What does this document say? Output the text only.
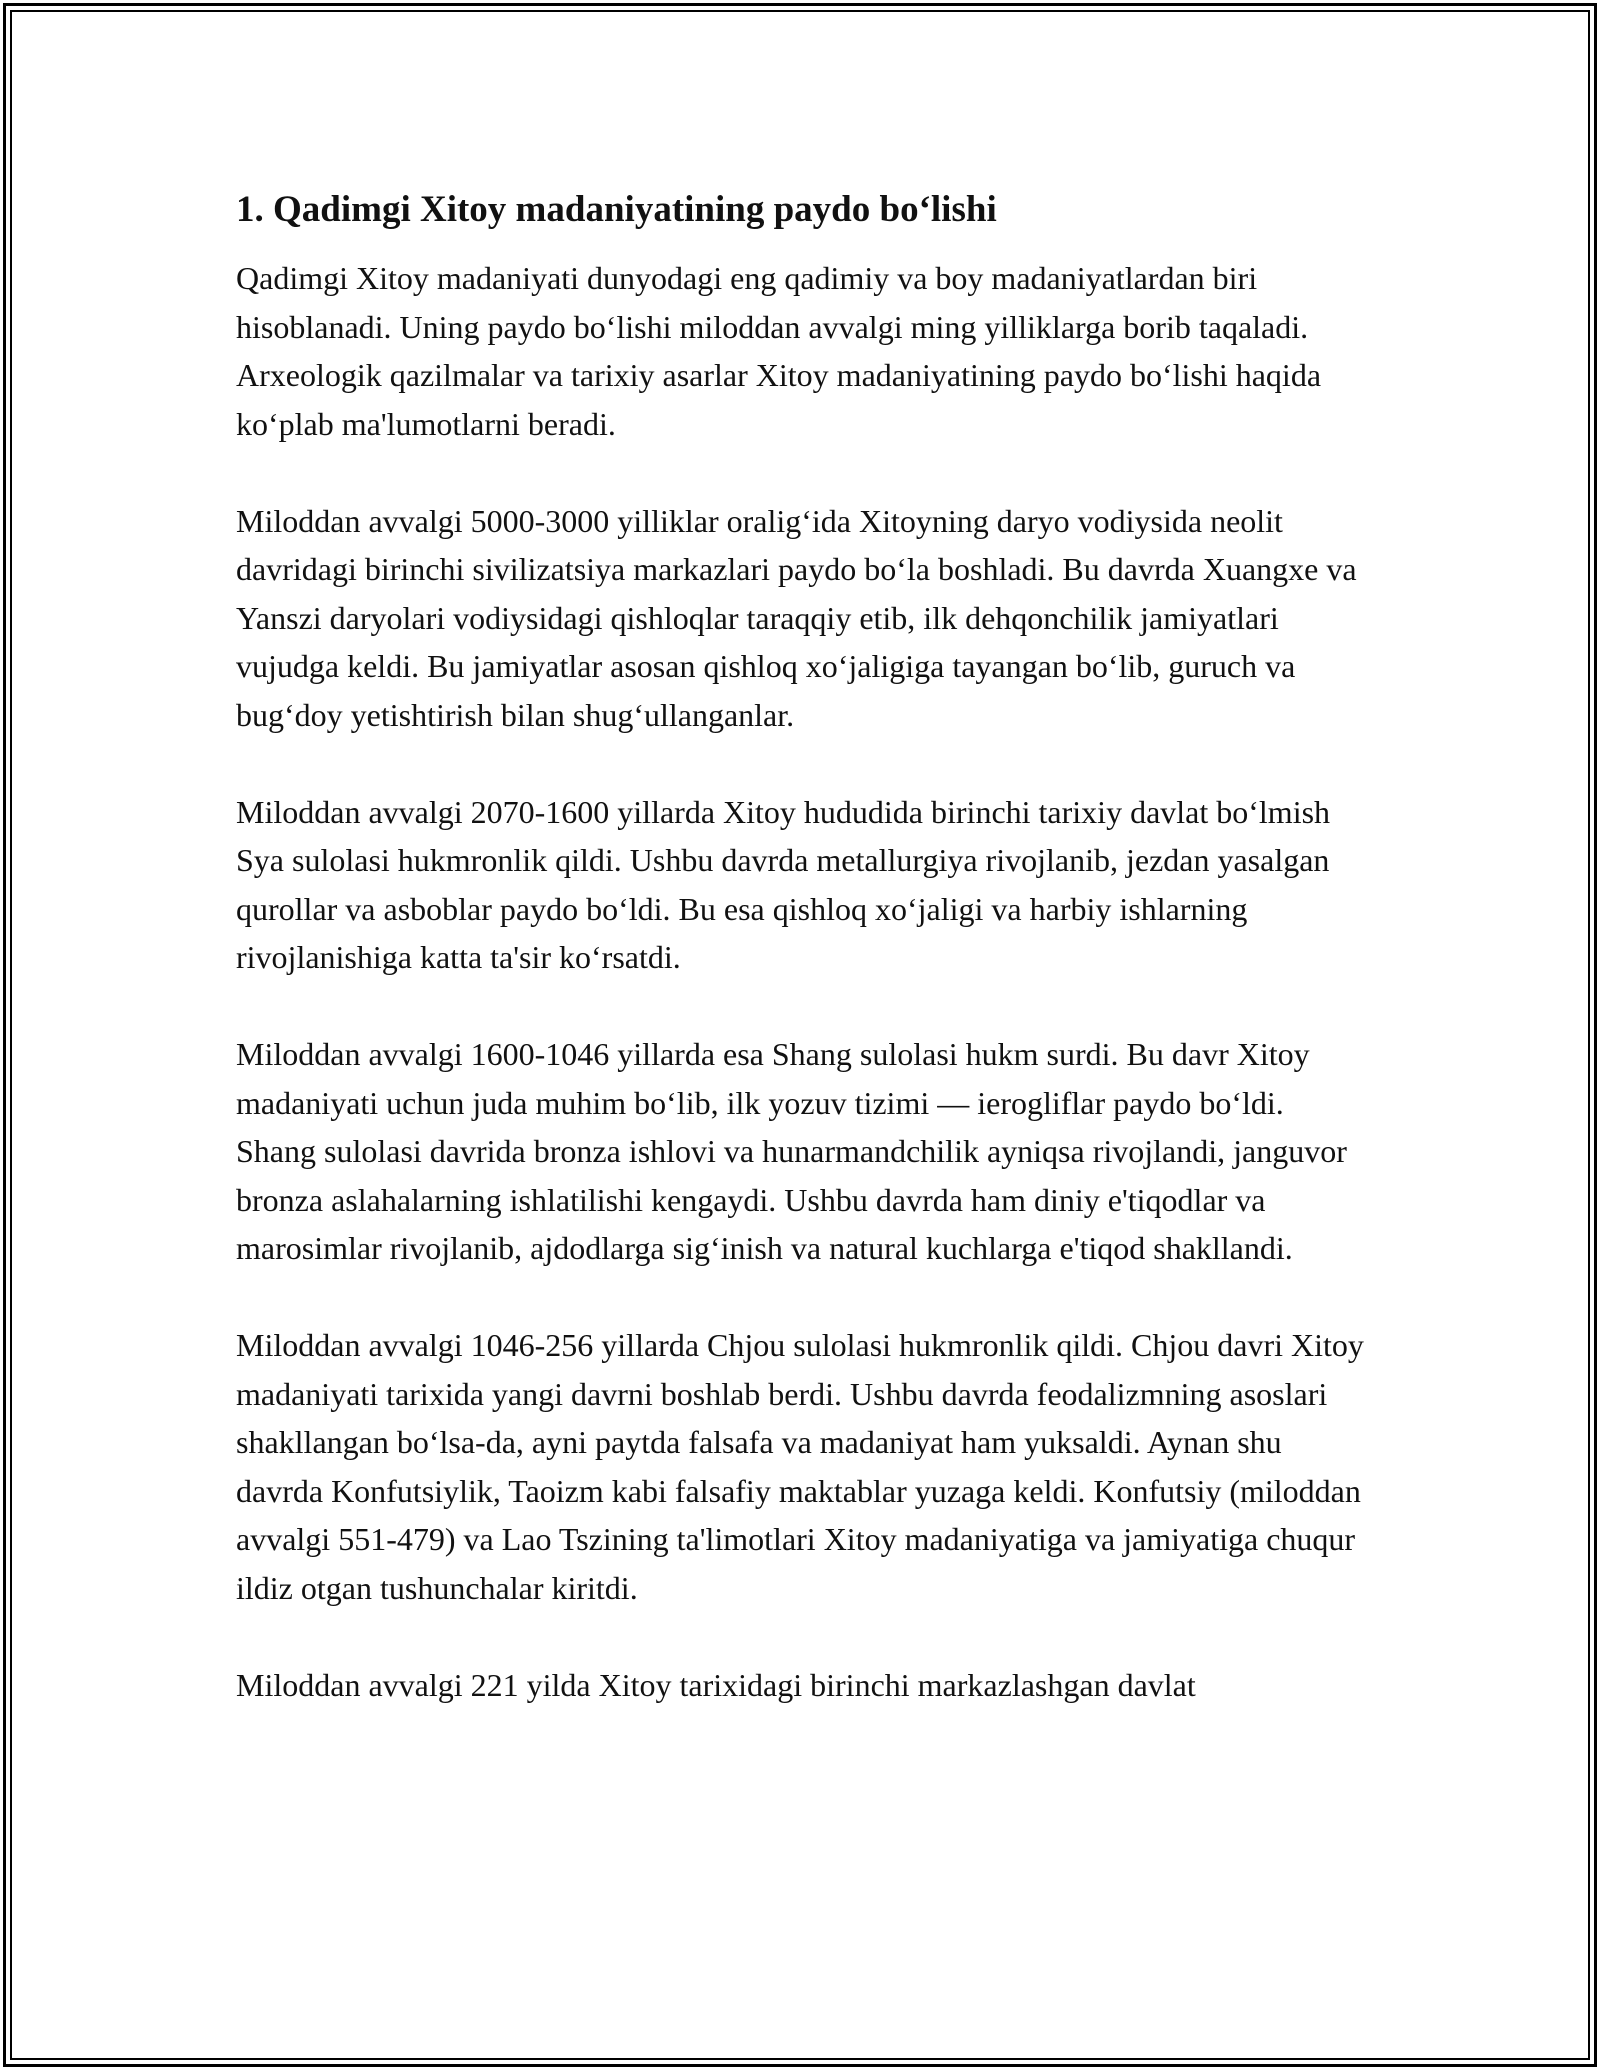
1. Qadimgi Xitoy madaniyatining paydo bo‘lishi

Qadimgi Xitoy madaniyati dunyodagi eng qadimiy va boy madaniyatlardan biri hisoblanadi. Uning paydo bo‘lishi miloddan avvalgi ming yilliklarga borib taqaladi. Arxeologik qazilmalar va tarixiy asarlar Xitoy madaniyatining paydo bo‘lishi haqida ko‘plab ma'lumotlarni beradi.

Miloddan avvalgi 5000-3000 yilliklar oralig‘ida Xitoyning daryo vodiysida neolit davridagi birinchi sivilizatsiya markazlari paydo bo‘la boshladi. Bu davrda Xuangxe va Yanszi daryolari vodiysidagi qishloqlar taraqqiy etib, ilk dehqonchilik jamiyatlari vujudga keldi. Bu jamiyatlar asosan qishloq xo‘jaligiga tayangan bo‘lib, guruch va bug‘doy yetishtirish bilan shug‘ullanganlar.

Miloddan avvalgi 2070-1600 yillarda Xitoy hududida birinchi tarixiy davlat bo‘lmish Sya sulolasi hukmronlik qildi. Ushbu davrda metallurgiya rivojlanib, jezdan yasalgan qurollar va asboblar paydo bo‘ldi. Bu esa qishloq xo‘jaligi va harbiy ishlarning rivojlanishiga katta ta'sir ko‘rsatdi.

Miloddan avvalgi 1600-1046 yillarda esa Shang sulolasi hukm surdi. Bu davr Xitoy madaniyati uchun juda muhim bo‘lib, ilk yozuv tizimi — ierogliflar paydo bo‘ldi. Shang sulolasi davrida bronza ishlovi va hunarmandchilik ayniqsa rivojlandi, janguvor bronza aslahalarning ishlatilishi kengaydi. Ushbu davrda ham diniy e'tiqodlar va marosimlar rivojlanib, ajdodlarga sig‘inish va natural kuchlarga e'tiqod shakllandi.

Miloddan avvalgi 1046-256 yillarda Chjou sulolasi hukmronlik qildi. Chjou davri Xitoy madaniyati tarixida yangi davrni boshlab berdi. Ushbu davrda feodalizmning asoslari shakllangan bo‘lsa-da, ayni paytda falsafa va madaniyat ham yuksaldi. Aynan shu davrda Konfutsiylik, Taoizm kabi falsafiy maktablar yuzaga keldi. Konfutsiy (miloddan avvalgi 551-479) va Lao Tszining ta'limotlari Xitoy madaniyatiga va jamiyatiga chuqur ildiz otgan tushunchalar kiritdi.

Miloddan avvalgi 221 yilda Xitoy tarixidagi birinchi markazlashgan davlat
